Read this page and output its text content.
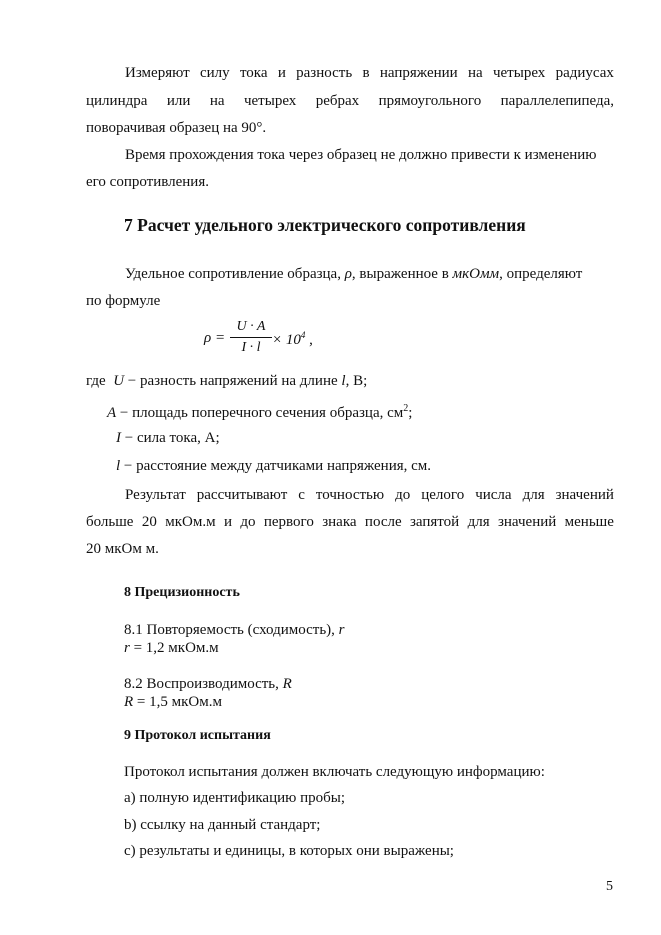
Измеряют силу тока и разность в напряжении на четырех радиусах
цилиндра или на четырех ребрах прямоугольного параллелепипеда,
поворачивая образец на 90°.
Время прохождения тока через образец не должно привести к изменению
его сопротивления.
7 Расчет удельного электрического сопротивления
Удельное сопротивление образца, ρ, выраженное в мкОмм, определяют
по формуле
ρ =
U · A
$I \cdot l \times 10^4$ ,
где U − разность напряжений на длине l, В;
A − площадь поперечного сечения образца, $см^2$;
I − сила тока, А;
l − расстояние между датчиками напряжения, см.
Результат рассчитывают с точностью до целого числа для значений
больше 20 мкОм.м и до первого знака после запятой для значений меньше
20 мкОм м.
8 Прецизионность
8.1 Повторяемость (сходимость), r
r = 1,2 мкОм.м
8.2 Воспроизводимость, R
R = 1,5 мкОм.м
9 Протокол испытания
Протокол испытания должен включать следующую информацию:
а) полную идентификацию пробы;
b) ссылку на данный стандарт;
с) результаты и единицы, в которых они выражены;
5
